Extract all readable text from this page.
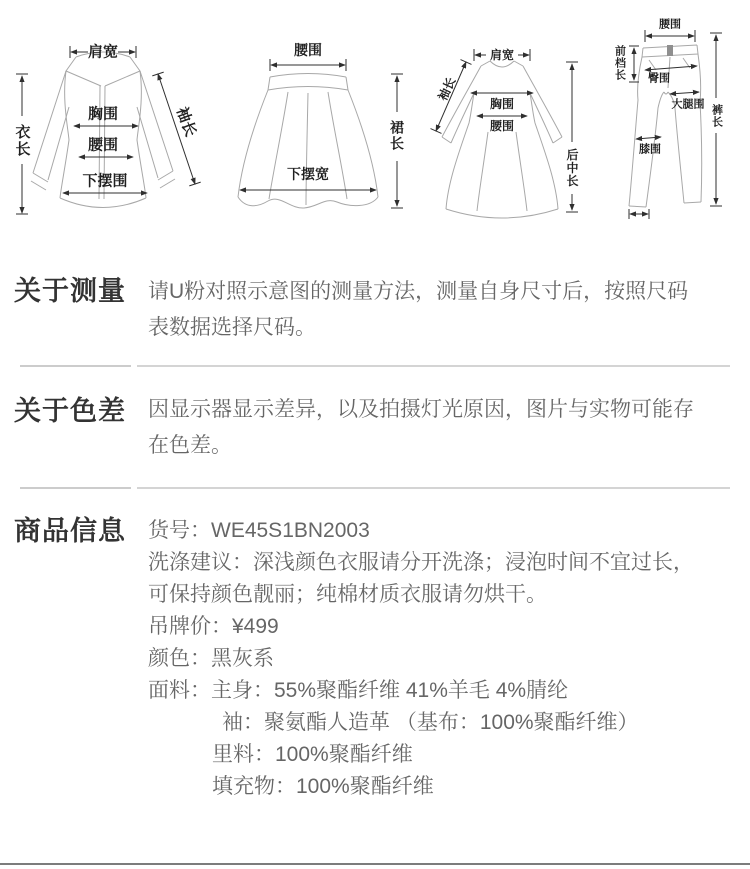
肩宽
衣长
胸围
腰围
下摆围
袖长
腰围
裙长
下摆宽
肩宽
袖长
胸围
腰围
后中长
腰围
前档长 臀围
大腿围
膝围
裤长
关于测量 请U粉对照示意图的测量方法，测量自身尺寸后，按照尺码表数据选择尺码。
关于色差 因显示器显示差异，以及拍摄灯光原因，图片与实物可能存在色差。
商品信息 货号：WE45S1BN2003
洗涤建议：深浅颜色衣服请分开洗涤；浸泡时间不宜过长，可保持颜色靓丽；纯棉材质衣服请勿烘干。
吊牌价：¥499
颜色：黑灰系
面料：主身：55%聚酯纤维 41%羊毛 4%腈纶
袖：聚氨酯人造革 （基布：100%聚酯纤维）
里料：100%聚酯纤维
填充物：100%聚酯纤维
